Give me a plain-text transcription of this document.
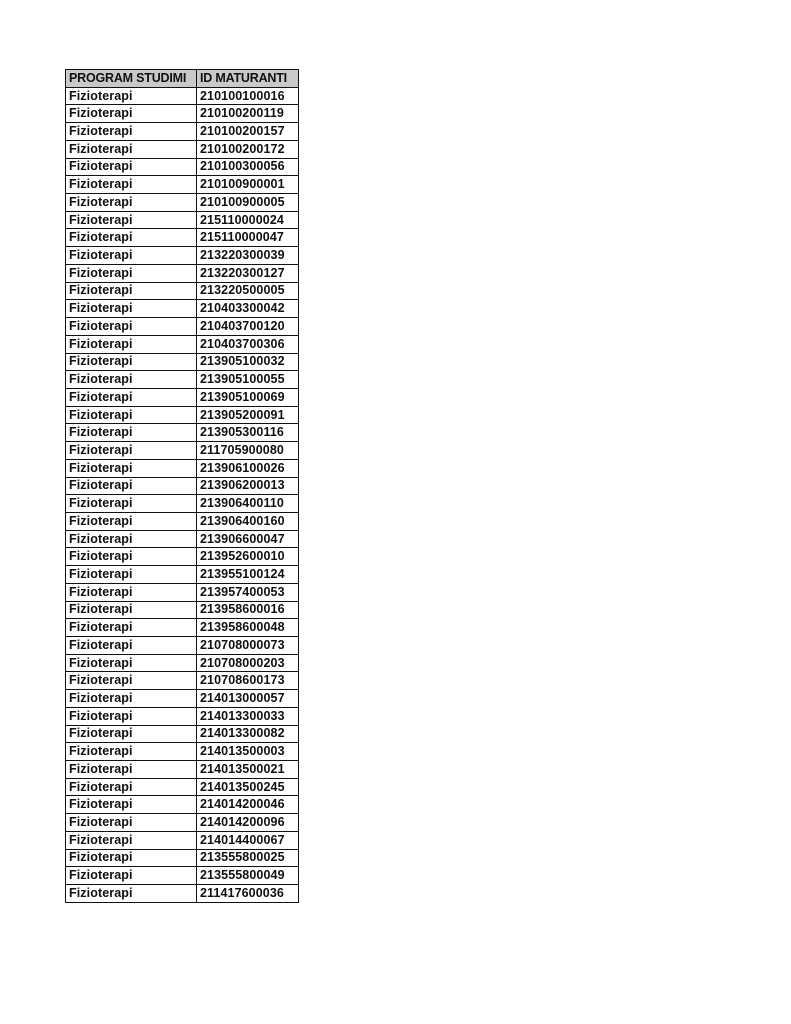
PROGRAM STUDIMI	ID MATURANTI
Fizioterapi	210100100016
Fizioterapi	210100200119
Fizioterapi	210100200157
Fizioterapi	210100200172
Fizioterapi	210100300056
Fizioterapi	210100900001
Fizioterapi	210100900005
Fizioterapi	215110000024
Fizioterapi	215110000047
Fizioterapi	213220300039
Fizioterapi	213220300127
Fizioterapi	213220500005
Fizioterapi	210403300042
Fizioterapi	210403700120
Fizioterapi	210403700306
Fizioterapi	213905100032
Fizioterapi	213905100055
Fizioterapi	213905100069
Fizioterapi	213905200091
Fizioterapi	213905300116
Fizioterapi	211705900080
Fizioterapi	213906100026
Fizioterapi	213906200013
Fizioterapi	213906400110
Fizioterapi	213906400160
Fizioterapi	213906600047
Fizioterapi	213952600010
Fizioterapi	213955100124
Fizioterapi	213957400053
Fizioterapi	213958600016
Fizioterapi	213958600048
Fizioterapi	210708000073
Fizioterapi	210708000203
Fizioterapi	210708600173
Fizioterapi	214013000057
Fizioterapi	214013300033
Fizioterapi	214013300082
Fizioterapi	214013500003
Fizioterapi	214013500021
Fizioterapi	214013500245
Fizioterapi	214014200046
Fizioterapi	214014200096
Fizioterapi	214014400067
Fizioterapi	213555800025
Fizioterapi	213555800049
Fizioterapi	211417600036
